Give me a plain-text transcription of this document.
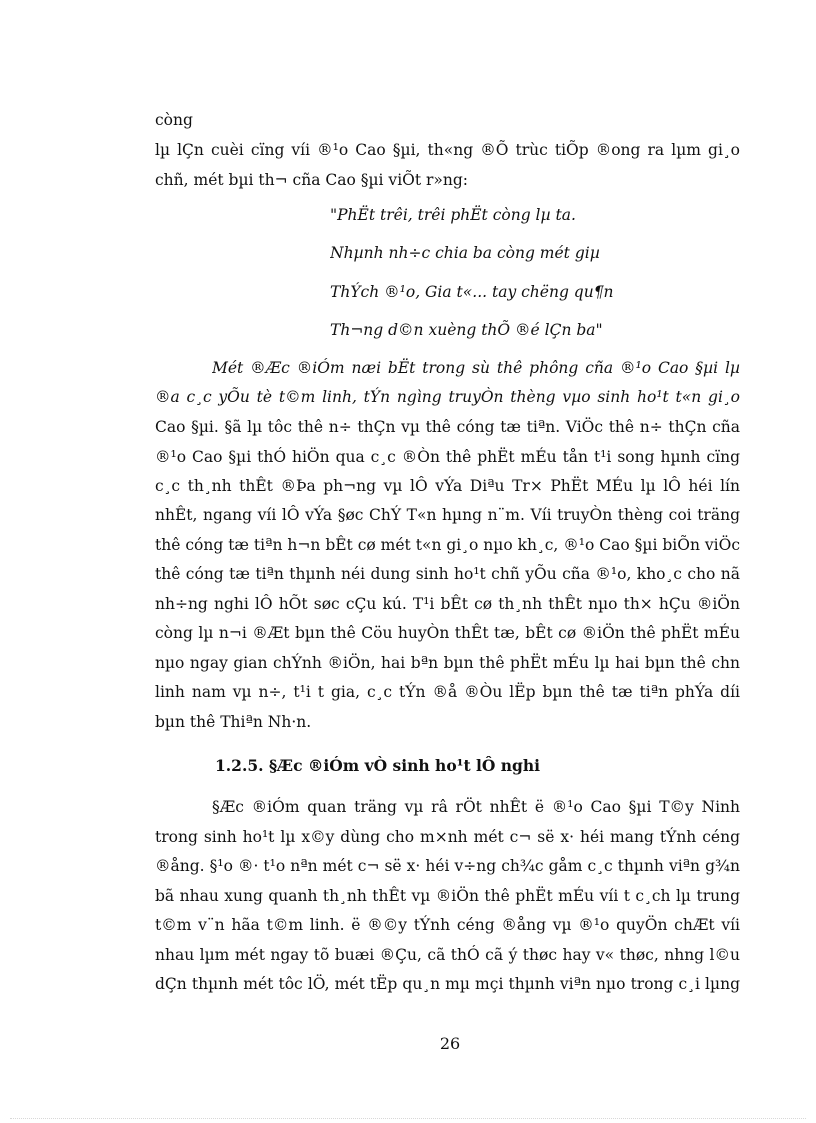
còng
lµ lÇn cuèi cïng víi ®¹o Cao §µi, th«ng ®Õ trùc tiÕp ®ong ra lµm gi¸o
chñ, mét bµi th¬ cña Cao §µi viÕt r»ng:
"PhËt trêi, trêi phËt còng lµ ta.
Nhµnh nh÷c chia ba còng mét giµ
ThÝch ®¹o, Gia t«... tay chëng qu¶n
Th¬ng d©n xuèng thÕ ®é lÇn ba"
Mét ®Æc ®iÓm næi bËt trong sù thê phông cña ®¹o Cao §µi lµ
®a c¸c yÕu tè t©m linh, tÝn ngìng truyÒn thèng vµo sinh ho¹t t«n gi¸o
Cao §µi. §ã lµ tôc thê n÷ thÇn vµ thê cóng tæ tiªn. ViÖc thê n÷ thÇn cña
®¹o Cao §µi thÓ hiÖn qua c¸c ®Òn thê phËt mÉu tån t¹i song hµnh cïng
c¸c th¸nh thÊt ®Þa ph¬ng vµ lÔ vÝa Diªu Tr× PhËt MÉu lµ lÔ héi lín
nhÊt, ngang víi lÔ vÝa §øc ChÝ T«n hµng n¨m. Víi truyÒn thèng coi träng
thê cóng tæ tiªn h¬n bÊt cø mét t«n gi¸o nµo kh¸c, ®¹o Cao §µi biÕn viÖc
thê cóng tæ tiªn thµnh néi dung sinh ho¹t chñ yÕu cña ®¹o, kho¸c cho nã
nh÷ng nghi lÔ hÕt søc cÇu kú. T¹i bÊt cø th¸nh thÊt nµo th× hÇu ®iÖn
còng lµ n¬i ®Æt bµn thê Cöu huyÒn thÊt tæ, bÊt cø ®iÖn thê phËt mÉu
nµo ngay gian chÝnh ®iÖn, hai bªn bµn thê phËt mÉu lµ hai bµn thê chn
linh nam vµ n÷, t¹i t gia, c¸c tÝn ®å ®Òu lËp bµn thê tæ tiªn phÝa díi
bµn thê Thiªn Nh·n.
1.2.5. §Æc ®iÓm vÒ sinh ho¹t lÔ nghi
§Æc ®iÓm quan träng vµ râ rÖt nhÊt ë ®¹o Cao §µi T©y Ninh
trong sinh ho¹t lµ x©y dùng cho m×nh mét c¬ së x· héi mang tÝnh céng
®ång. §¹o ®· t¹o nªn mét c¬ së x· héi v÷ng ch¾c gåm c¸c thµnh viªn g¾n
bã nhau xung quanh th¸nh thÊt vµ ®iÖn thê phËt mÉu víi t c¸ch lµ trung
t©m v¨n hãa t©m linh. ë ®©y tÝnh céng ®ång vµ ®¹o quyÖn chÆt víi
nhau lµm mét ngay tõ buæi ®Çu, cã thÓ cã ý thøc hay v« thøc, nhng l©u
dÇn thµnh mét tôc lÖ, mét tËp qu¸n mµ mçi thµnh viªn nµo trong c¸i lµng
26
